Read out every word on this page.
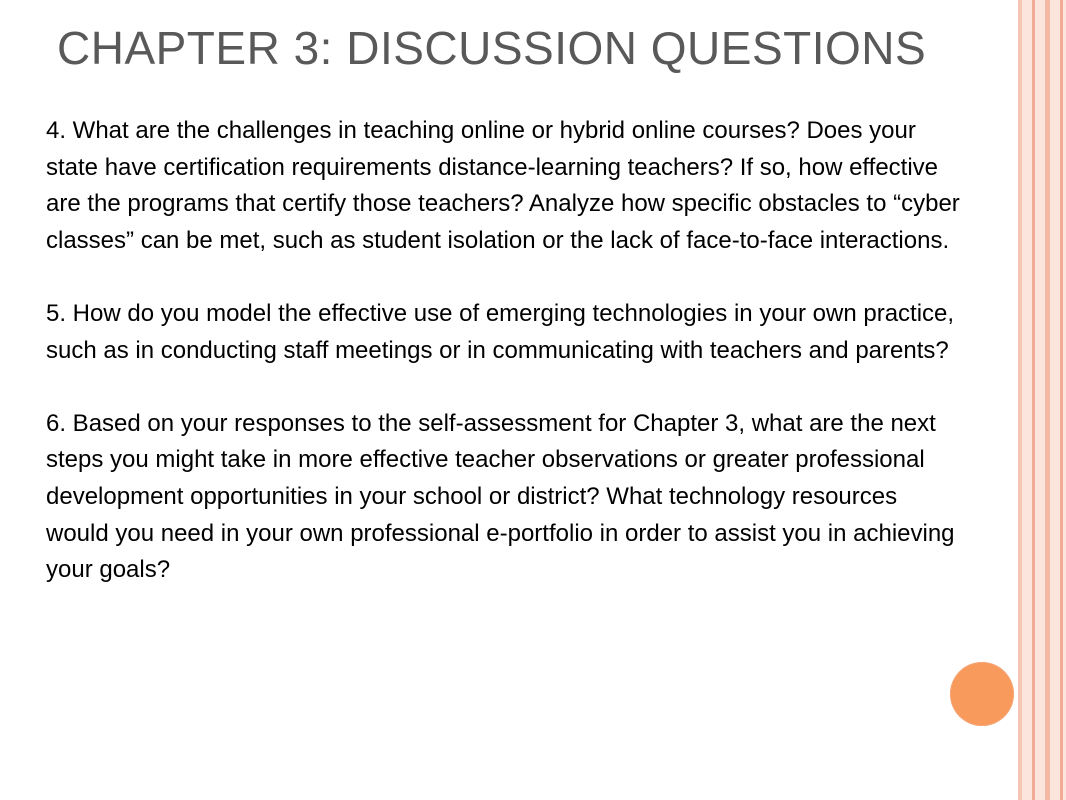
CHAPTER 3: DISCUSSION QUESTIONS

4. What are the challenges in teaching online or hybrid online courses? Does your state have certification requirements distance-learning teachers? If so, how effective are the programs that certify those teachers? Analyze how specific obstacles to “cyber classes” can be met, such as student isolation or the lack of face-to-face interactions.

5. How do you model the effective use of emerging technologies in your own practice, such as in conducting staff meetings or in communicating with teachers and parents?

6. Based on your responses to the self-assessment for Chapter 3, what are the next steps you might take in more effective teacher observations or greater professional development opportunities in your school or district? What technology resources would you need in your own professional e-portfolio in order to assist you in achieving your goals?
